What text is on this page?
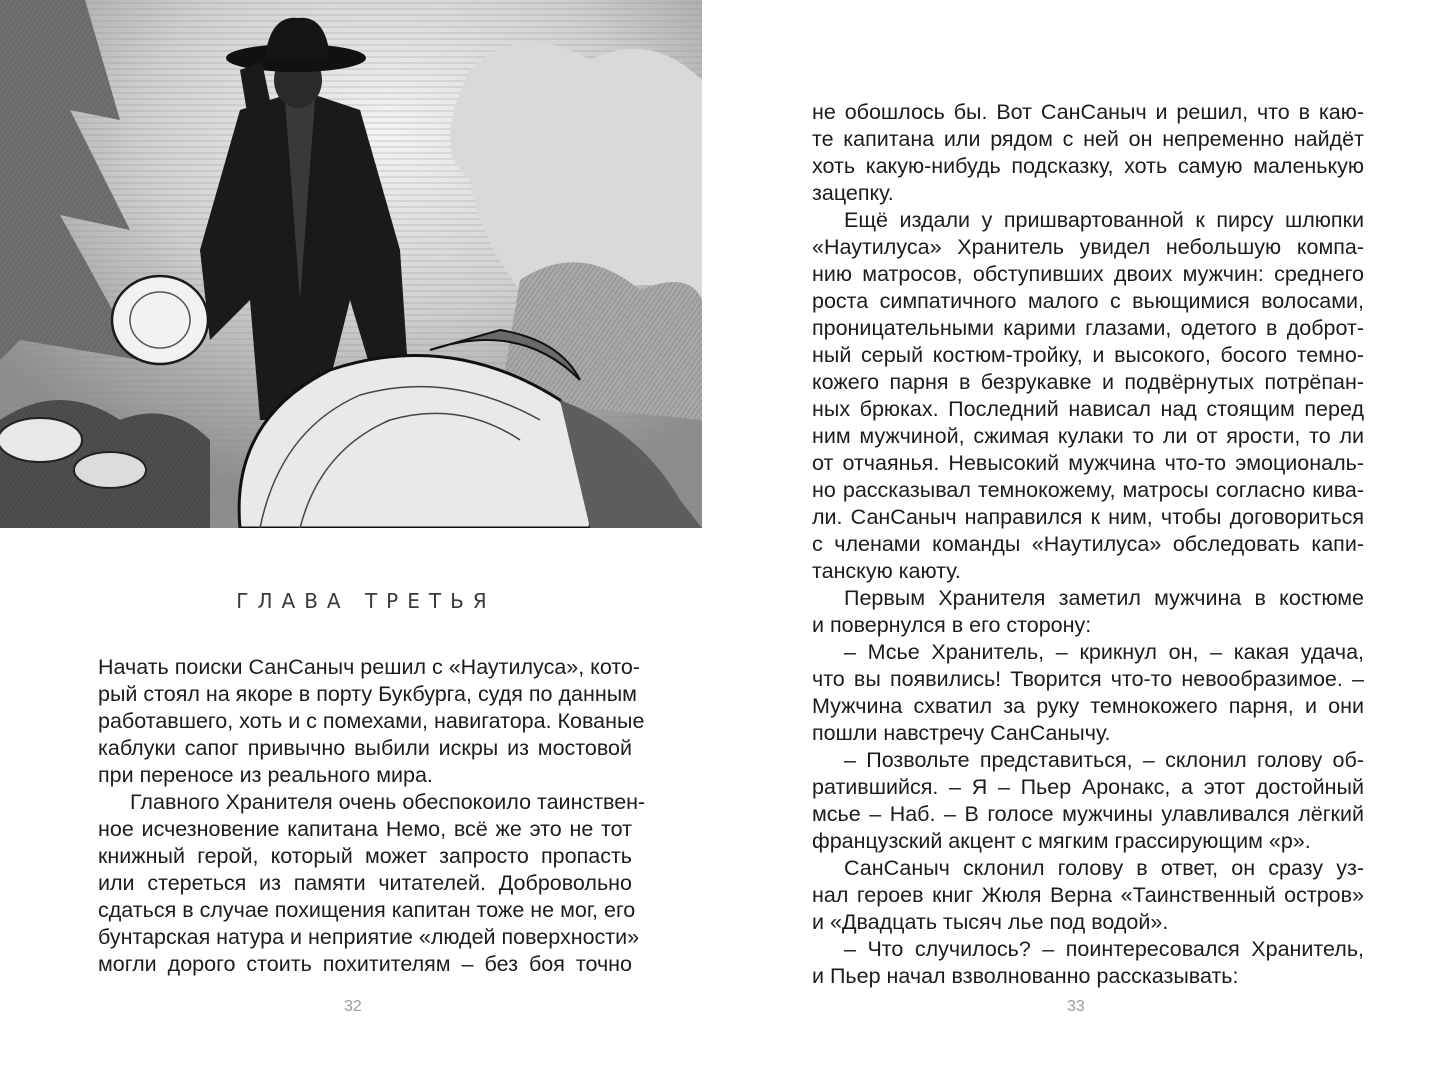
ГЛАВА ТРЕТЬЯ
Начать поиски СанСаныч решил с «Наутилуса», кото-
рый стоял на якоре в порту Букбурга, судя по данным
работавшего, хоть и с помехами, навигатора. Кованые
каблуки сапог привычно выбили искры из мостовой
при переносе из реального мира.
Главного Хранителя очень обеспокоило таинствен-
ное исчезновение капитана Немо, всё же это не тот
книжный герой, который может запросто пропасть
или стереться из памяти читателей. Добровольно
сдаться в случае похищения капитан тоже не мог, его
бунтарская натура и неприятие «людей поверхности»
могли дорого стоить похитителям – без боя точно
32
не обошлось бы. Вот СанСаныч и решил, что в каю-
те капитана или рядом с ней он непременно найдёт
хоть какую-нибудь подсказку, хоть самую маленькую
зацепку.
Ещё издали у пришвартованной к пирсу шлюпки
«Наутилуса» Хранитель увидел небольшую компа-
нию матросов, обступивших двоих мужчин: среднего
роста симпатичного малого с вьющимися волосами,
проницательными карими глазами, одетого в доброт-
ный серый костюм-тройку, и высокого, босого темно-
кожего парня в безрукавке и подвёрнутых потрёпан-
ных брюках. Последний нависал над стоящим перед
ним мужчиной, сжимая кулаки то ли от ярости, то ли
от отчаянья. Невысокий мужчина что-то эмоциональ-
но рассказывал темнокожему, матросы согласно кива-
ли. СанСаныч направился к ним, чтобы договориться
с членами команды «Наутилуса» обследовать капи-
танскую каюту.
Первым Хранителя заметил мужчина в костюме
и повернулся в его сторону:
– Мсье Хранитель, – крикнул он, – какая удача,
что вы появились! Творится что-то невообразимое. –
Мужчина схватил за руку темнокожего парня, и они
пошли навстречу СанСанычу.
– Позвольте представиться, – склонил голову об-
ратившийся. – Я – Пьер Аронакс, а этот достойный
мсье – Наб. – В голосе мужчины улавливался лёгкий
французский акцент с мягким грассирующим «р».
СанСаныч склонил голову в ответ, он сразу уз-
нал героев книг Жюля Верна «Таинственный остров»
и «Двадцать тысяч лье под водой».
– Что случилось? – поинтересовался Хранитель,
и Пьер начал взволнованно рассказывать:
33
